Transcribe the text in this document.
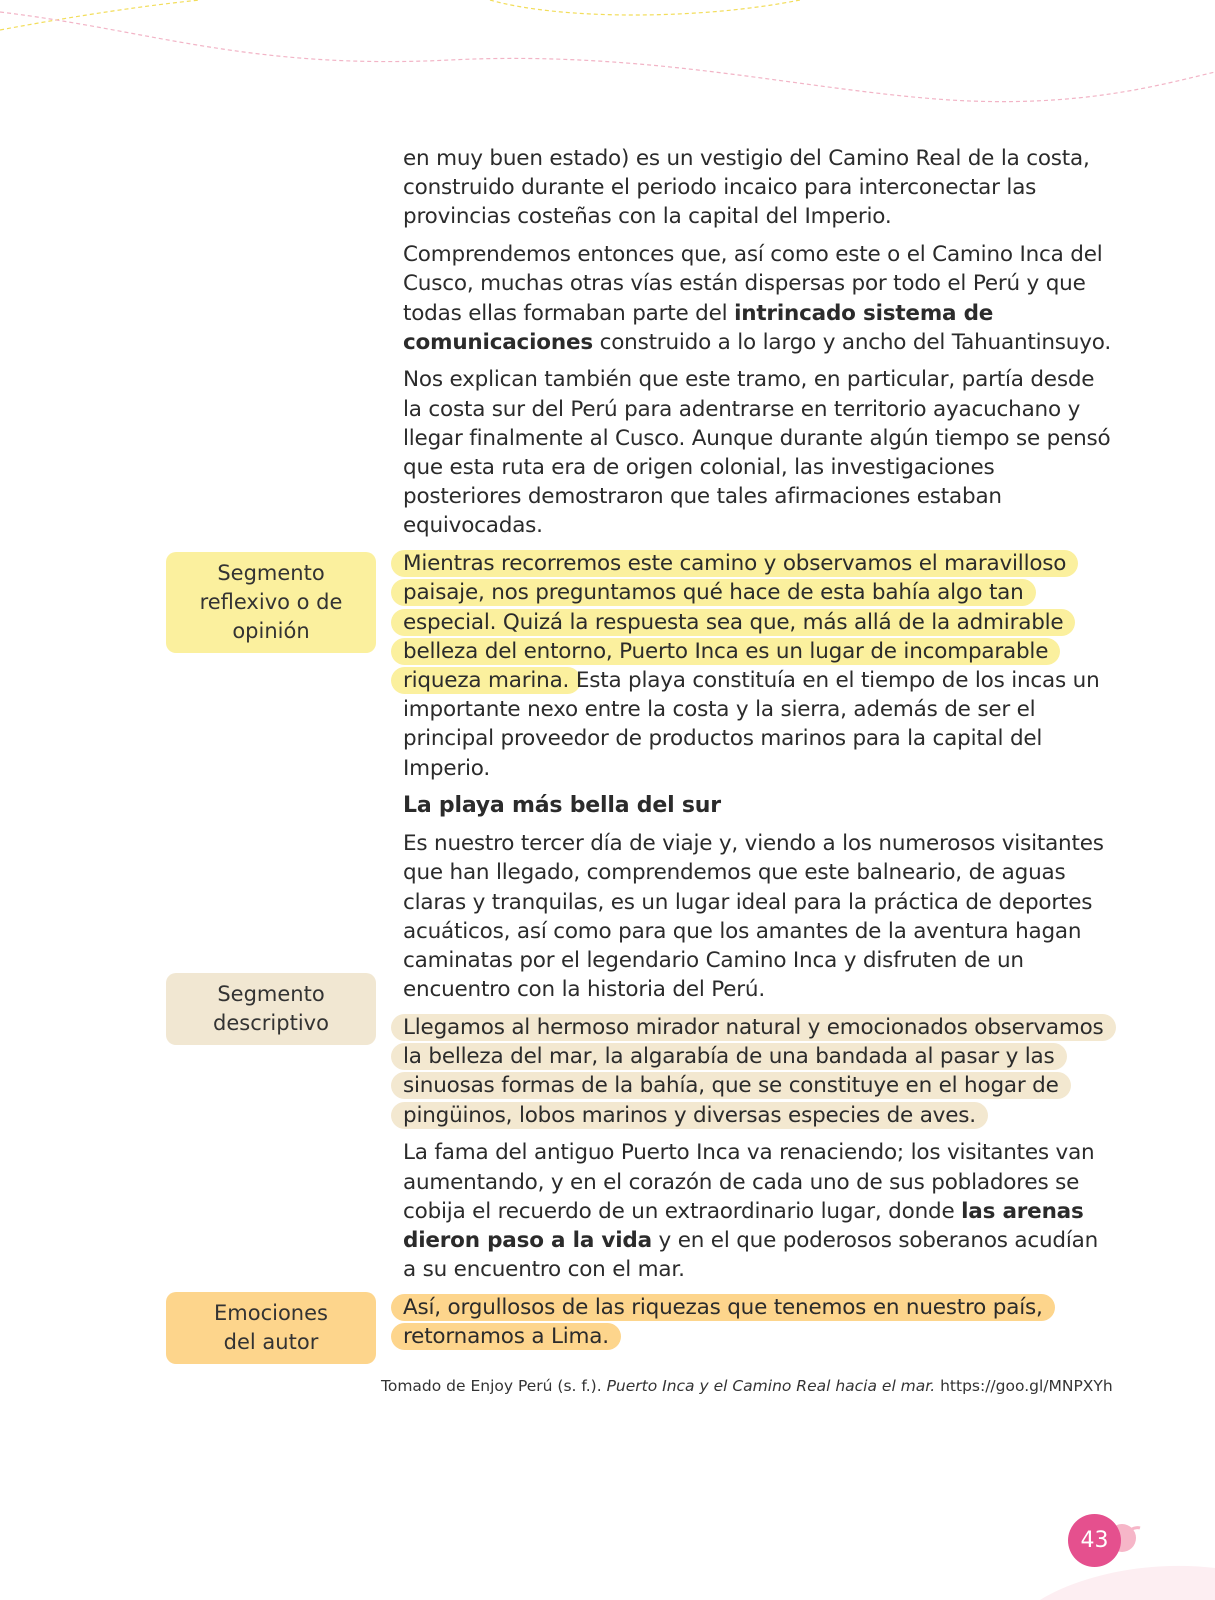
en muy buen estado) es un vestigio del Camino Real de la costa, construido durante el periodo incaico para interconectar las provincias costeñas con la capital del Imperio.

Comprendemos entonces que, así como este o el Camino Inca del Cusco, muchas otras vías están dispersas por todo el Perú y que todas ellas formaban parte del intrincado sistema de comunicaciones construido a lo largo y ancho del Tahuantinsuyo.

Nos explican también que este tramo, en particular, partía desde la costa sur del Perú para adentrarse en territorio ayacuchano y llegar finalmente al Cusco. Aunque durante algún tiempo se pensó que esta ruta era de origen colonial, las investigaciones posteriores demostraron que tales afirmaciones estaban equivocadas.

Mientras recorremos este camino y observamos el maravilloso paisaje, nos preguntamos qué hace de esta bahía algo tan especial. Quizá la respuesta sea que, más allá de la admirable belleza del entorno, Puerto Inca es un lugar de incomparable riqueza marina. Esta playa constituía en el tiempo de los incas un importante nexo entre la costa y la sierra, además de ser el principal proveedor de productos marinos para la capital del Imperio.

La playa más bella del sur

Es nuestro tercer día de viaje y, viendo a los numerosos visitantes que han llegado, comprendemos que este balneario, de aguas claras y tranquilas, es un lugar ideal para la práctica de deportes acuáticos, así como para que los amantes de la aventura hagan caminatas por el legendario Camino Inca y disfruten de un encuentro con la historia del Perú.

Llegamos al hermoso mirador natural y emocionados observamos la belleza del mar, la algarabía de una bandada al pasar y las sinuosas formas de la bahía, que se constituye en el hogar de pingüinos, lobos marinos y diversas especies de aves.

La fama del antiguo Puerto Inca va renaciendo; los visitantes van aumentando, y en el corazón de cada uno de sus pobladores se cobija el recuerdo de un extraordinario lugar, donde las arenas dieron paso a la vida y en el que poderosos soberanos acudían a su encuentro con el mar.

Así, orgullosos de las riquezas que tenemos en nuestro país, retornamos a Lima.

Segmento
reflexivo o de
opinión
Segmento
descriptivo
Emociones
del autor
Tomado de Enjoy Perú (s. f.). Puerto Inca y el Camino Real hacia el mar. https://goo.gl/MNPXYh
43
